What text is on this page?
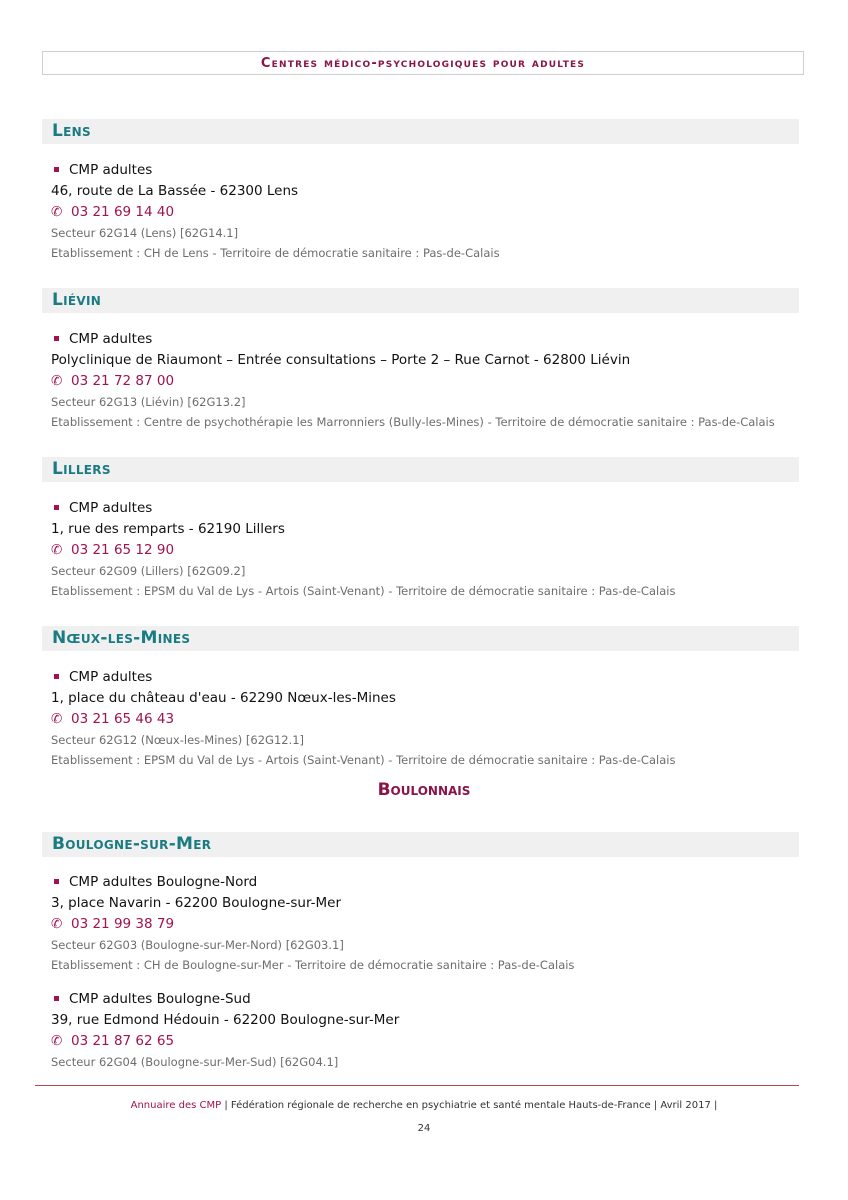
Centres médico-psychologiques pour adultes
Lens
CMP adultes
46, route de La Bassée - 62300 Lens
✆ 03 21 69 14 40
Secteur 62G14 (Lens) [62G14.1]
Etablissement : CH de Lens - Territoire de démocratie sanitaire : Pas-de-Calais
Liévin
CMP adultes
Polyclinique de Riaumont – Entrée consultations – Porte 2 – Rue Carnot - 62800 Liévin
✆ 03 21 72 87 00
Secteur 62G13 (Liévin) [62G13.2]
Etablissement : Centre de psychothérapie les Marronniers (Bully-les-Mines) - Territoire de démocratie sanitaire : Pas-de-Calais
Lillers
CMP adultes
1, rue des remparts - 62190 Lillers
✆ 03 21 65 12 90
Secteur 62G09 (Lillers) [62G09.2]
Etablissement : EPSM du Val de Lys - Artois (Saint-Venant) - Territoire de démocratie sanitaire : Pas-de-Calais
Nœux-les-Mines
CMP adultes
1, place du château d'eau - 62290 Nœux-les-Mines
✆ 03 21 65 46 43
Secteur 62G12 (Nœux-les-Mines) [62G12.1]
Etablissement : EPSM du Val de Lys - Artois (Saint-Venant) - Territoire de démocratie sanitaire : Pas-de-Calais
Boulonnais
Boulogne-sur-Mer
CMP adultes Boulogne-Nord
3, place Navarin - 62200 Boulogne-sur-Mer
✆ 03 21 99 38 79
Secteur 62G03 (Boulogne-sur-Mer-Nord) [62G03.1]
Etablissement : CH de Boulogne-sur-Mer - Territoire de démocratie sanitaire : Pas-de-Calais
CMP adultes Boulogne-Sud
39, rue Edmond Hédouin - 62200 Boulogne-sur-Mer
✆ 03 21 87 62 65
Secteur 62G04 (Boulogne-sur-Mer-Sud) [62G04.1]
Annuaire des CMP | Fédération régionale de recherche en psychiatrie et santé mentale Hauts-de-France | Avril 2017 |
24
